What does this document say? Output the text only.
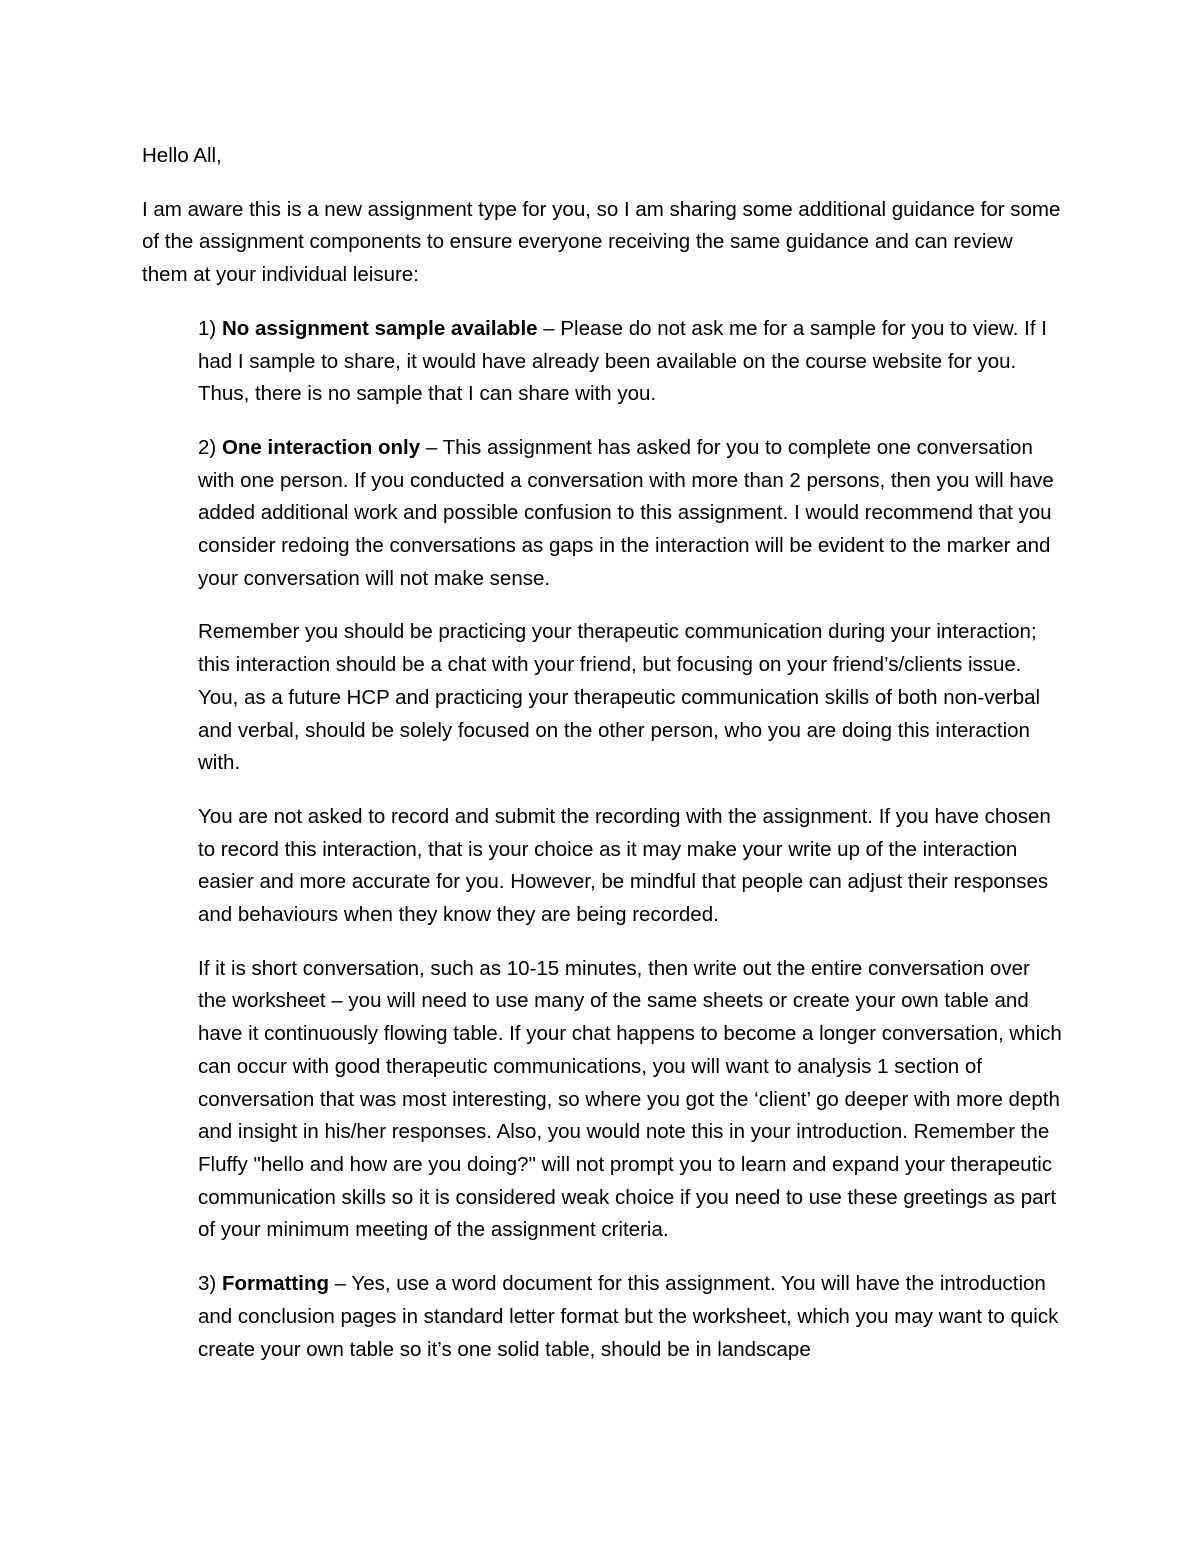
Hello All,

I am aware this is a new assignment type for you, so I am sharing some additional guidance for some of the assignment components to ensure everyone receiving the same guidance and can review them at your individual leisure:

1) No assignment sample available – Please do not ask me for a sample for you to view. If I had I sample to share, it would have already been available on the course website for you. Thus, there is no sample that I can share with you.

2) One interaction only – This assignment has asked for you to complete one conversation with one person. If you conducted a conversation with more than 2 persons, then you will have added additional work and possible confusion to this assignment. I would recommend that you consider redoing the conversations as gaps in the interaction will be evident to the marker and your conversation will not make sense.

Remember you should be practicing your therapeutic communication during your interaction; this interaction should be a chat with your friend, but focusing on your friend’s/clients issue. You, as a future HCP and practicing your therapeutic communication skills of both non-verbal and verbal, should be solely focused on the other person, who you are doing this interaction with.

You are not asked to record and submit the recording with the assignment. If you have chosen to record this interaction, that is your choice as it may make your write up of the interaction easier and more accurate for you. However, be mindful that people can adjust their responses and behaviours when they know they are being recorded.

If it is short conversation, such as 10-15 minutes, then write out the entire conversation over the worksheet – you will need to use many of the same sheets or create your own table and have it continuously flowing table. If your chat happens to become a longer conversation, which can occur with good therapeutic communications, you will want to analysis 1 section of conversation that was most interesting, so where you got the ‘client’ go deeper with more depth and insight in his/her responses. Also, you would note this in your introduction. Remember the Fluffy "hello and how are you doing?" will not prompt you to learn and expand your therapeutic communication skills so it is considered weak choice if you need to use these greetings as part of your minimum meeting of the assignment criteria.

3) Formatting – Yes, use a word document for this assignment. You will have the introduction and conclusion pages in standard letter format but the worksheet, which you may want to quick create your own table so it’s one solid table, should be in landscape
